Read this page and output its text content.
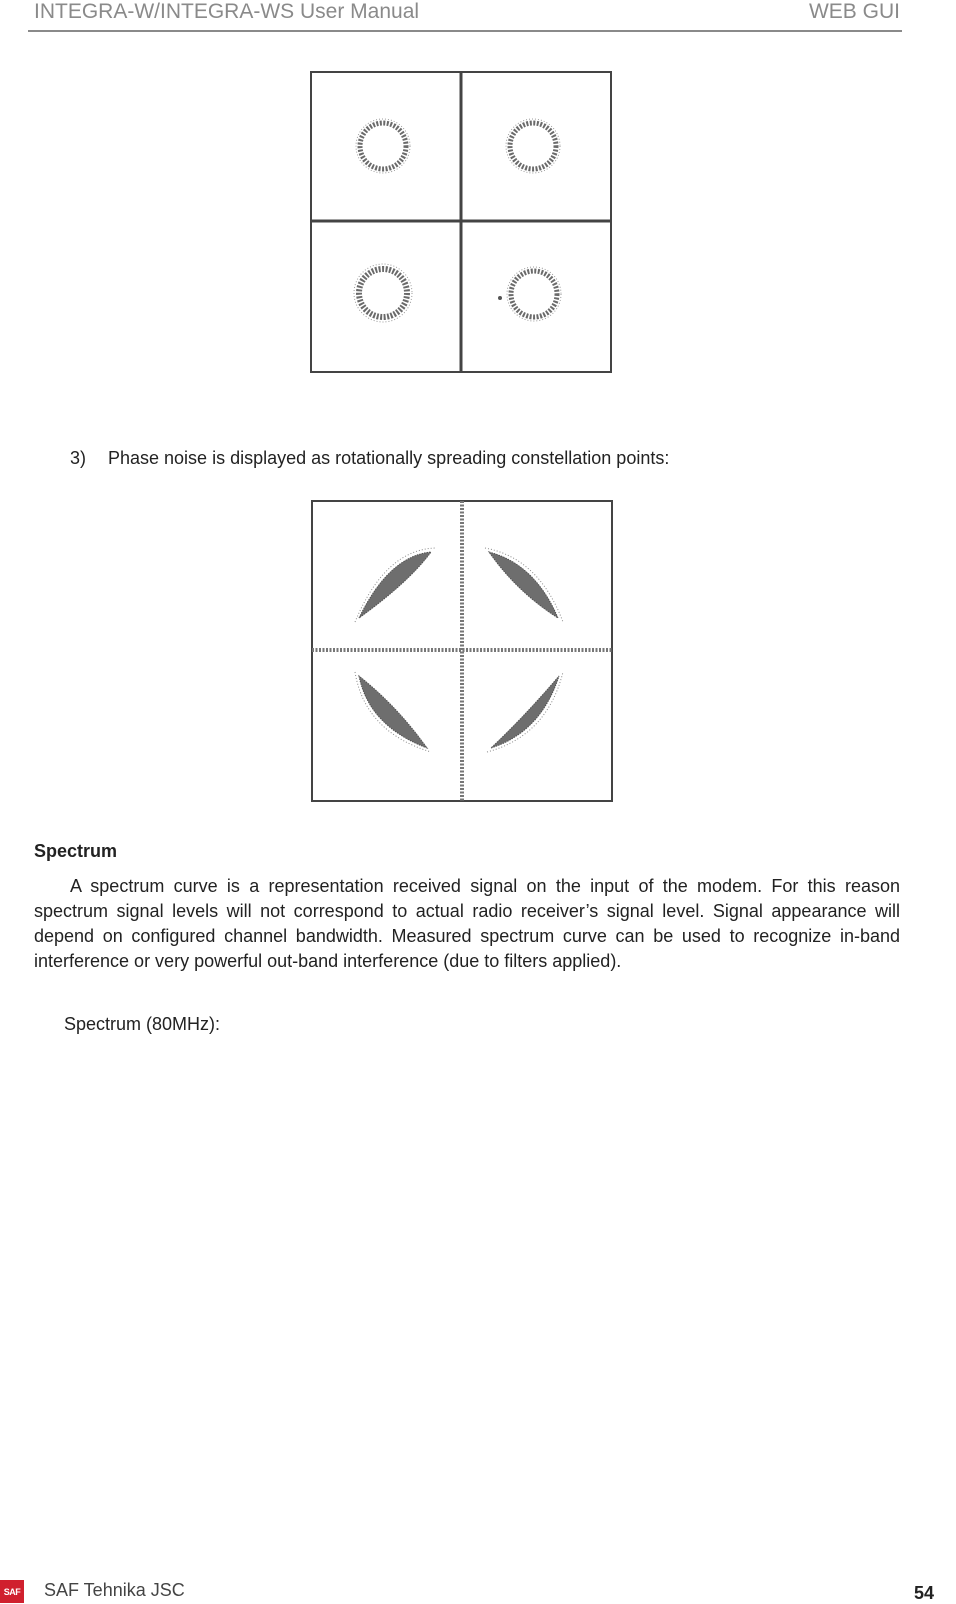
INTEGRA-W/INTEGRA-WS User Manual	WEB GUI
3) Phase noise is displayed as rotationally spreading constellation points:
Spectrum
A spectrum curve is a representation received signal on the input of the modem. For this reason spectrum signal levels will not correspond to actual radio receiver’s signal level. Signal appearance will depend on configured channel bandwidth. Measured spectrum curve can be used to recognize in-band interference or very powerful out-band interference (due to filters applied).
Spectrum (80MHz):
SAF SAF Tehnika JSC	54
